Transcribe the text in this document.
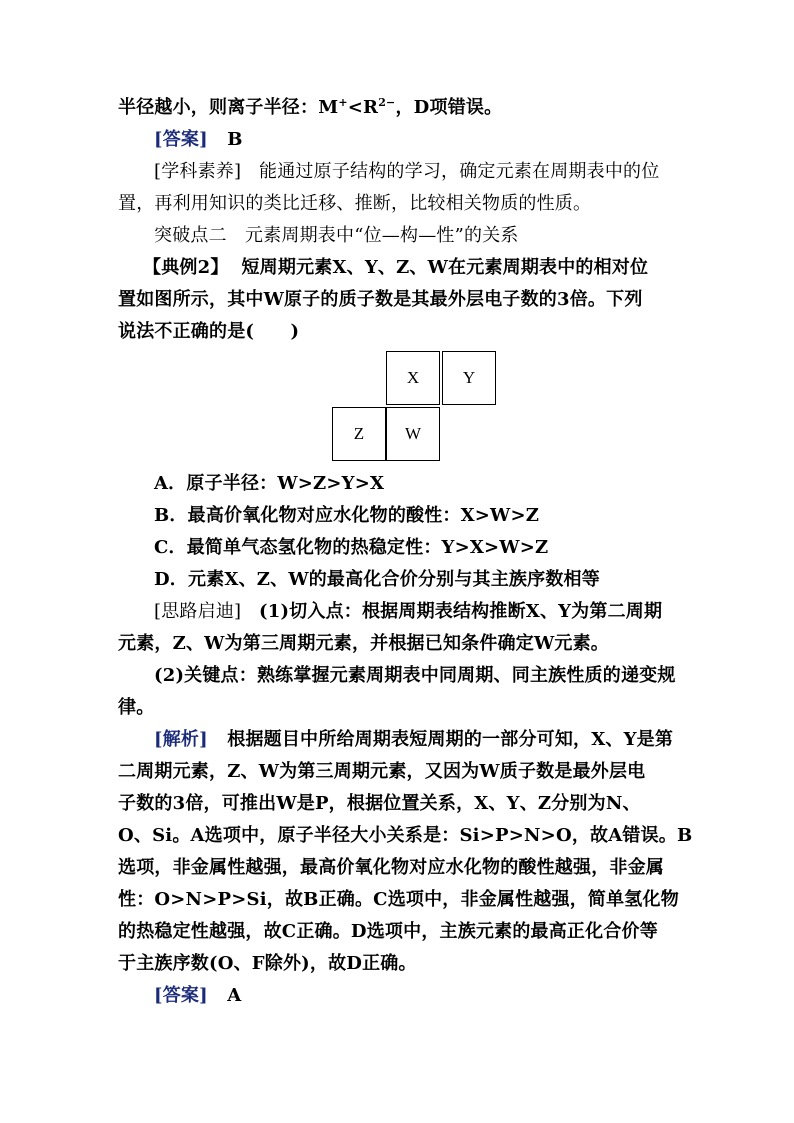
半径越小，则离子半径：$M^+<R^{2-}$，D项错误。
[答案] B
[学科素养] 能通过原子结构的学习，确定元素在周期表中的位
置，再利用知识的类比迁移、推断，比较相关物质的性质。
突破点二　元素周期表中“位—构—性”的关系
【典例2】 短周期元素X、Y、Z、W在元素周期表中的相对位
置如图所示，其中W原子的质子数是其最外层电子数的3倍。下列
说法不正确的是(　　)
X	Y
Z	W
A．原子半径：W>Z>Y>X
B．最高价氧化物对应水化物的酸性：X>W>Z
C．最简单气态氢化物的热稳定性：Y>X>W>Z
D．元素X、Z、W的最高化合价分别与其主族序数相等
[思路启迪] (1)切入点：根据周期表结构推断X、Y为第二周期
元素，Z、W为第三周期元素，并根据已知条件确定W元素。
(2)关键点：熟练掌握元素周期表中同周期、同主族性质的递变规
律。
[解析] 根据题目中所给周期表短周期的一部分可知，X、Y是第
二周期元素，Z、W为第三周期元素，又因为W质子数是最外层电
子数的3倍，可推出W是P，根据位置关系，X、Y、Z分别为N、
O、Si。A选项中，原子半径大小关系是：Si>P>N>O，故A错误。B
选项，非金属性越强，最高价氧化物对应水化物的酸性越强，非金属
性：O>N>P>Si，故B正确。C选项中，非金属性越强，简单氢化物
的热稳定性越强，故C正确。D选项中，主族元素的最高正化合价等
于主族序数(O、F除外)，故D正确。
[答案] A
